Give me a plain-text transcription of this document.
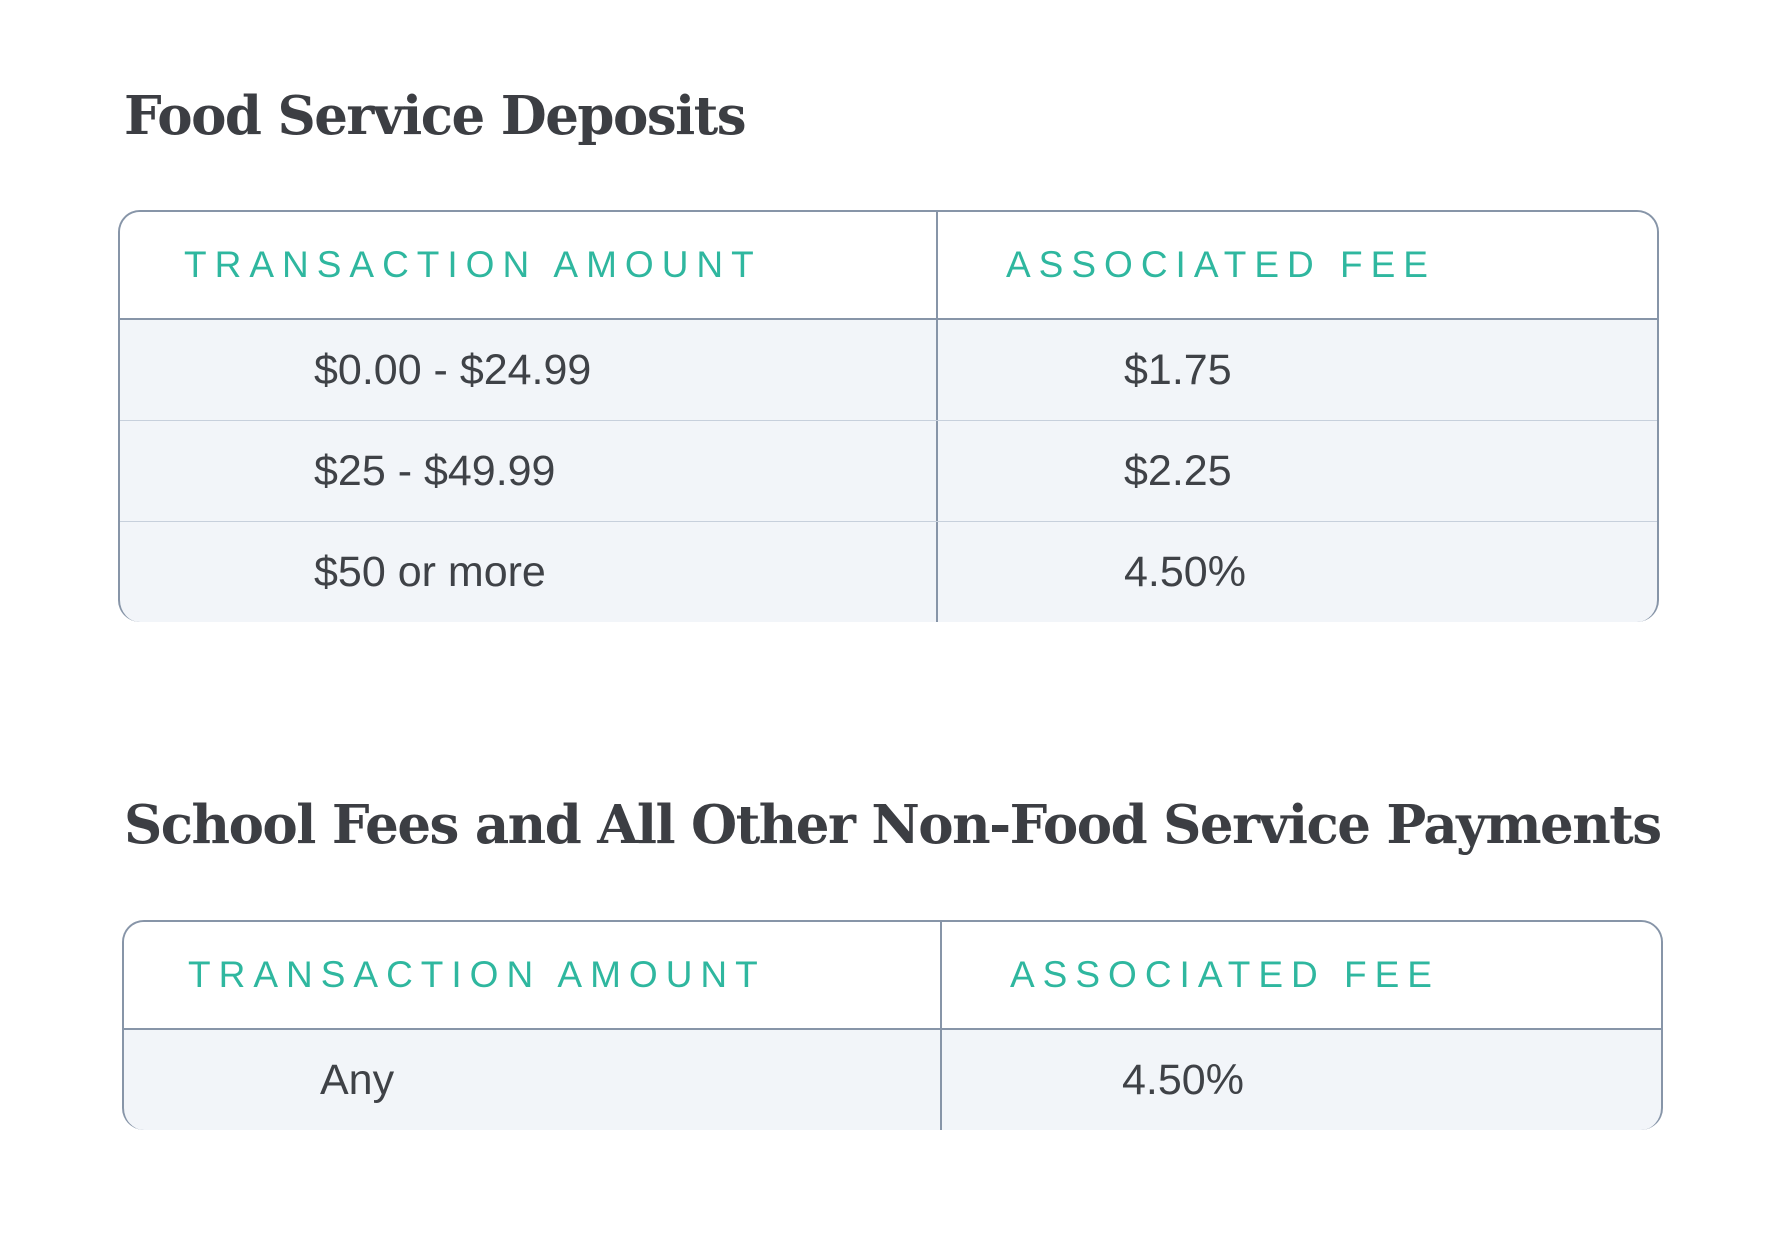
Food Service Deposits
TRANSACTION AMOUNT	ASSOCIATED FEE
$0.00 - $24.99	$1.75
$25 - $49.99	$2.25
$50 or more	4.50%
School Fees and All Other Non-Food Service Payments
TRANSACTION AMOUNT	ASSOCIATED FEE
Any	4.50%
